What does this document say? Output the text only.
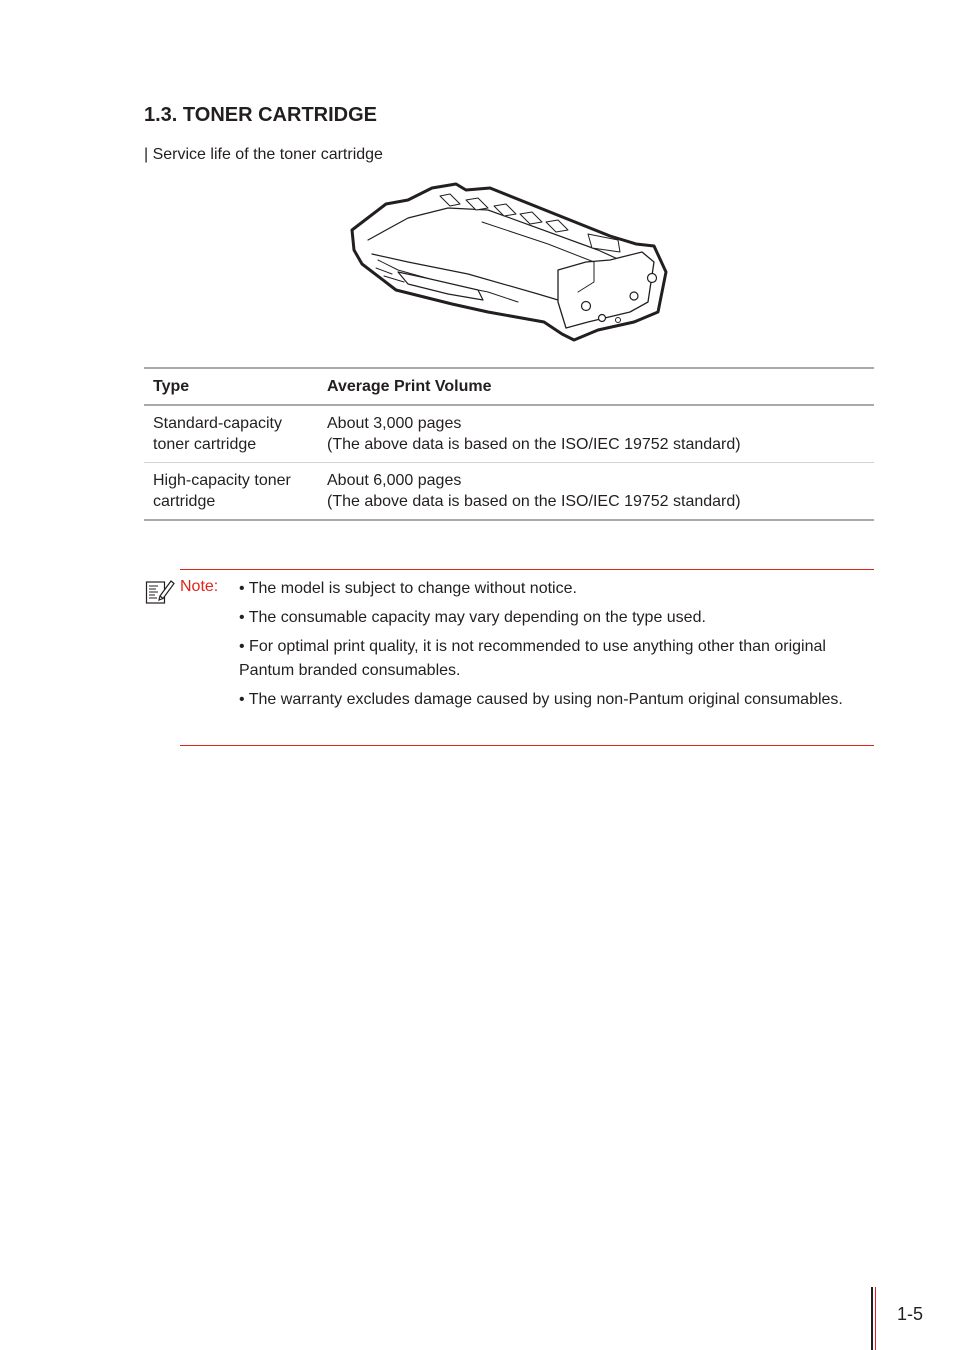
1.3. TONER CARTRIDGE
| Service life of the toner cartridge
Type	Average Print Volume

Standard-capacity
toner cartridge	About 3,000 pages
(The above data is based on the ISO/IEC 19752 standard)

High-capacity toner
cartridge	About 6,000 pages
(The above data is based on the ISO/IEC 19752 standard)
Note: • The model is subject to change without notice.
• The consumable capacity may vary depending on the type used.
• For optimal print quality, it is not recommended to use anything other than original Pantum branded consumables.
• The warranty excludes damage caused by using non-Pantum original consumables.
1-5
